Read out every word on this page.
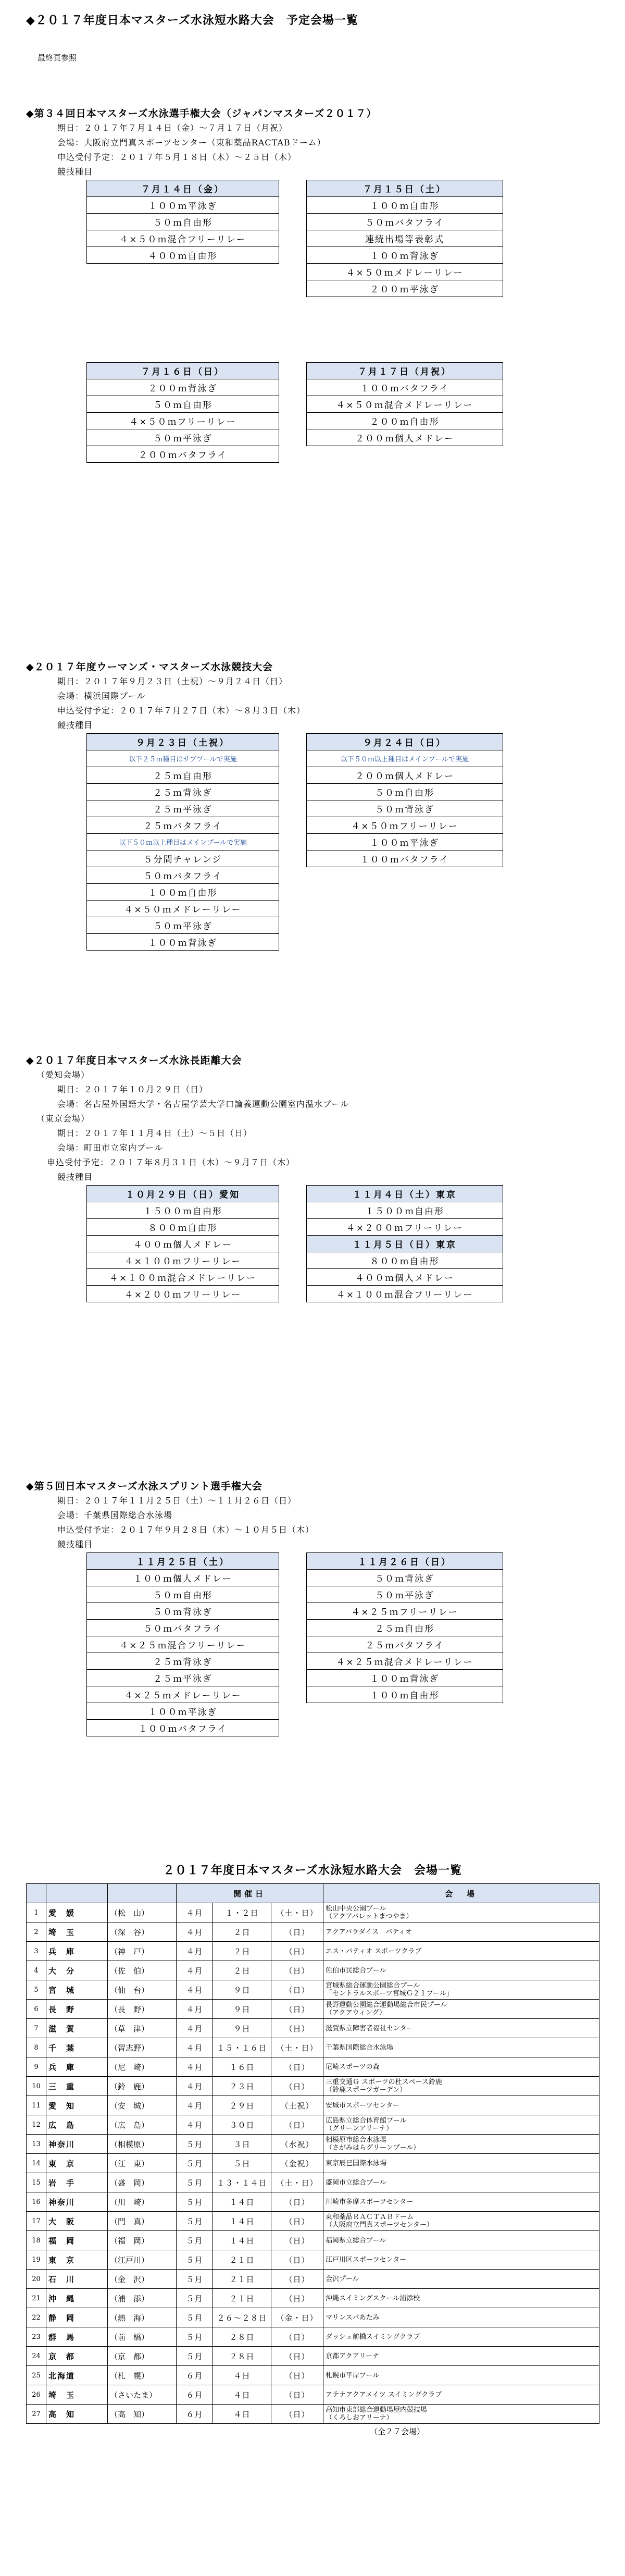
◆２０１７年度日本マスターズ水泳短水路大会　予定会場一覧
最終頁参照
◆第３４回日本マスターズ水泳選手権大会（ジャパンマスターズ２０１７）
期日：２０１７年７月１４日（金）〜７月１７日（月祝）
会場：大阪府立門真スポーツセンター（東和薬品RACTABドーム）
申込受付予定：２０１７年５月１８日（木）〜２５日（木）
競技種目
７月１４日（金）
１００ｍ平泳ぎ
５０ｍ自由形
４×５０ｍ混合フリーリレー
４００ｍ自由形
７月１５日（土）
１００ｍ自由形
５０ｍバタフライ
連続出場等表彰式
１００ｍ背泳ぎ
４×５０ｍメドレーリレー
２００ｍ平泳ぎ
７月１６日（日）
２００ｍ背泳ぎ
５０ｍ自由形
４×５０ｍフリーリレー
５０ｍ平泳ぎ
２００ｍバタフライ
７月１７日（月祝）
１００ｍバタフライ
４×５０ｍ混合メドレーリレー
２００ｍ自由形
２００ｍ個人メドレー
◆２０１７年度ウーマンズ・マスターズ水泳競技大会
期日：２０１７年９月２３日（土祝）〜９月２４日（日）
会場：横浜国際プール
申込受付予定：２０１７年７月２７日（木）〜８月３日（木）
競技種目
９月２３日（土祝）
以下２５ｍ種目はサブプールで実施
２５ｍ自由形
２５ｍ背泳ぎ
２５ｍ平泳ぎ
２５ｍバタフライ
以下５０ｍ以上種目はメインプールで実施
５分間チャレンジ
５０ｍバタフライ
１００ｍ自由形
４×５０ｍメドレーリレー
５０ｍ平泳ぎ
１００ｍ背泳ぎ
９月２４日（日）
以下５０ｍ以上種目はメインプールで実施
２００ｍ個人メドレー
５０ｍ自由形
５０ｍ背泳ぎ
４×５０ｍフリーリレー
１００ｍ平泳ぎ
１００ｍバタフライ
◆２０１７年度日本マスターズ水泳長距離大会
（愛知会場）
期日：２０１７年１０月２９日（日）
会場：名古屋外国語大学・名古屋学芸大学口論義運動公園室内温水プール
（東京会場）
期日：２０１７年１１月４日（土）〜５日（日）
会場：町田市立室内プール
申込受付予定：２０１７年８月３１日（木）〜９月７日（木）
競技種目
１０月２９日（日）愛知
１５００ｍ自由形
８００ｍ自由形
４００ｍ個人メドレー
４×１００ｍフリーリレー
４×１００ｍ混合メドレーリレー
４×２００ｍフリーリレー
１１月４日（土）東京
１５００ｍ自由形
４×２００ｍフリーリレー
１１月５日（日）東京
８００ｍ自由形
４００ｍ個人メドレー
４×１００ｍ混合フリーリレー
◆第５回日本マスターズ水泳スプリント選手権大会
期日：２０１７年１１月２５日（土）〜１１月２６日（日）
会場：千葉県国際総合水泳場
申込受付予定：２０１７年９月２８日（木）〜１０月５日（木）
競技種目
１１月２５日（土）
１００ｍ個人メドレー
５０ｍ自由形
５０ｍ背泳ぎ
５０ｍバタフライ
４×２５ｍ混合フリーリレー
２５ｍ背泳ぎ
２５ｍ平泳ぎ
４×２５ｍメドレーリレー
１００ｍ平泳ぎ
１００ｍバタフライ
１１月２６日（日）
５０ｍ背泳ぎ
５０ｍ平泳ぎ
４×２５ｍフリーリレー
２５ｍ自由形
２５ｍバタフライ
４×２５ｍ混合メドレーリレー
１００ｍ背泳ぎ
１００ｍ自由形
２０１７年度日本マスターズ水泳短水路大会　会場一覧
			開催日			会　場
1	愛　媛	（松　山）	４月	１・２日	（土・日）	松山中央公園プール
（アクアパレットまつやま）

2	埼　玉	（深　谷）	４月	２日	（日）	アクアパラダイス　パティオ

3	兵　庫	（神　戸）	４月	２日	（日）	エス・パティオ スポーツクラブ

4	大　分	（佐　伯）	４月	２日	（日）	佐伯市民総合プール

5	宮　城	（仙　台）	４月	９日	（日）	宮城県総合運動公園総合プール
「セントラルスポーツ宮城Ｇ２１プール」

6	長　野	（長　野）	４月	９日	（日）	長野運動公園総合運動場総合市民プール
（アクアウィング）

7	滋　賀	（草　津）	４月	９日	（日）	滋賀県立障害者福祉センター

8	千　葉	（習志野）	４月	１５・１６日	（土・日）	千葉県国際総合水泳場

9	兵　庫	（尼　崎）	４月	１６日	（日）	尼崎スポーツの森

10	三　重	（鈴　鹿）	４月	２３日	（日）	三重交通Ｇ スポーツの杜スペース鈴鹿
（鈴鹿スポーツガーデン）

11	愛　知	（安　城）	４月	２９日	（土祝）	安城市スポーツセンター

12	広　島	（広　島）	４月	３０日	（日）	広島県立総合体育館プール
（グリーンアリーナ）

13	神奈川	（相模原）	５月	３日	（水祝）	相模原市総合水泳場
（さがみはらグリーンプール）

14	東　京	（江　東）	５月	５日	（金祝）	東京辰巳国際水泳場

15	岩　手	（盛　岡）	５月	１３・１４日	（土・日）	盛岡市立総合プール

16	神奈川	（川　崎）	５月	１４日	（日）	川崎市多摩スポーツセンター

17	大　阪	（門　真）	５月	１４日	（日）	東和薬品ＲＡＣＴＡＢドーム
（大阪府立門真スポーツセンター）

18	福　岡	（福　岡）	５月	１４日	（日）	福岡県立総合プール

19	東　京	（江戸川）	５月	２１日	（日）	江戸川区スポーツセンター

20	石　川	（金　沢）	５月	２１日	（日）	金沢プール

21	沖　縄	（浦　添）	５月	２１日	（日）	沖縄スイミングスクール浦添校

22	静　岡	（熱　海）	５月	２６〜２８日	（金・日）	マリンスパあたみ

23	群　馬	（前　橋）	５月	２８日	（日）	ダッシュ前橋スイミングクラブ

24	京　都	（京　都）	５月	２８日	（日）	京都アクアリーナ

25	北海道	（札　幌）	６月	４日	（日）	札幌市平岸プール

26	埼　玉	（さいたま）	６月	４日	（日）	アテナアクアメイツ スイミングクラブ

27	高　知	（高　知）	６月	４日	（日）	高知市東部総合運動場屋内競技場
（くろしおアリーナ）
（全２７会場）
